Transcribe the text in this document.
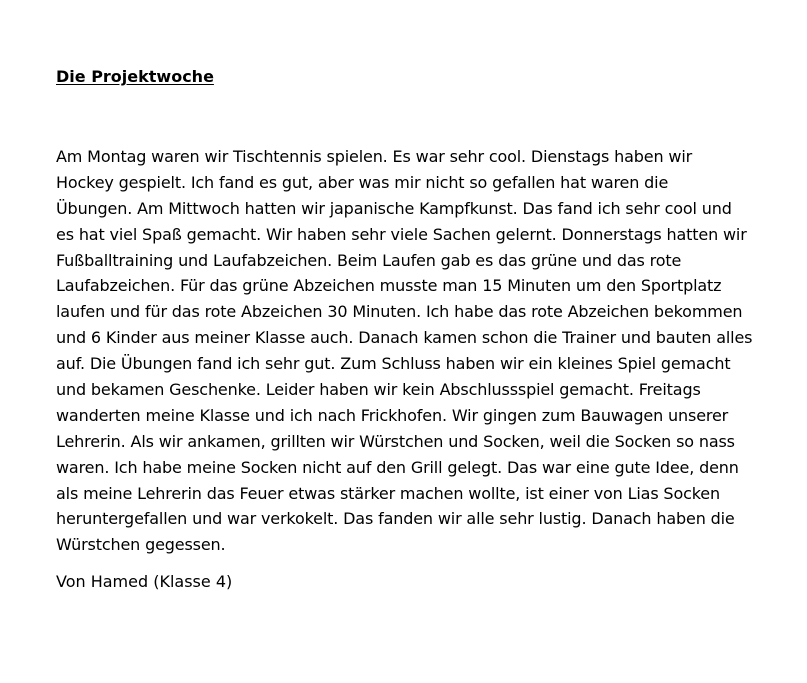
Die Projektwoche
Am Montag waren wir Tischtennis spielen. Es war sehr cool. Dienstags haben wir
Hockey gespielt. Ich fand es gut, aber was mir nicht so gefallen hat waren die
Übungen. Am Mittwoch hatten wir japanische Kampfkunst. Das fand ich sehr cool und
es hat viel Spaß gemacht. Wir haben sehr viele Sachen gelernt. Donnerstags hatten wir
Fußballtraining und Laufabzeichen. Beim Laufen gab es das grüne und das rote
Laufabzeichen. Für das grüne Abzeichen musste man 15 Minuten um den Sportplatz
laufen und für das rote Abzeichen 30 Minuten. Ich habe das rote Abzeichen bekommen
und 6 Kinder aus meiner Klasse auch. Danach kamen schon die Trainer und bauten alles
auf. Die Übungen fand ich sehr gut. Zum Schluss haben wir ein kleines Spiel gemacht
und bekamen Geschenke. Leider haben wir kein Abschlussspiel gemacht. Freitags
wanderten meine Klasse und ich nach Frickhofen. Wir gingen zum Bauwagen unserer
Lehrerin. Als wir ankamen, grillten wir Würstchen und Socken, weil die Socken so nass
waren. Ich habe meine Socken nicht auf den Grill gelegt. Das war eine gute Idee, denn
als meine Lehrerin das Feuer etwas stärker machen wollte, ist einer von Lias Socken
heruntergefallen und war verkokelt. Das fanden wir alle sehr lustig. Danach haben die
Würstchen gegessen.

Von Hamed (Klasse 4)
